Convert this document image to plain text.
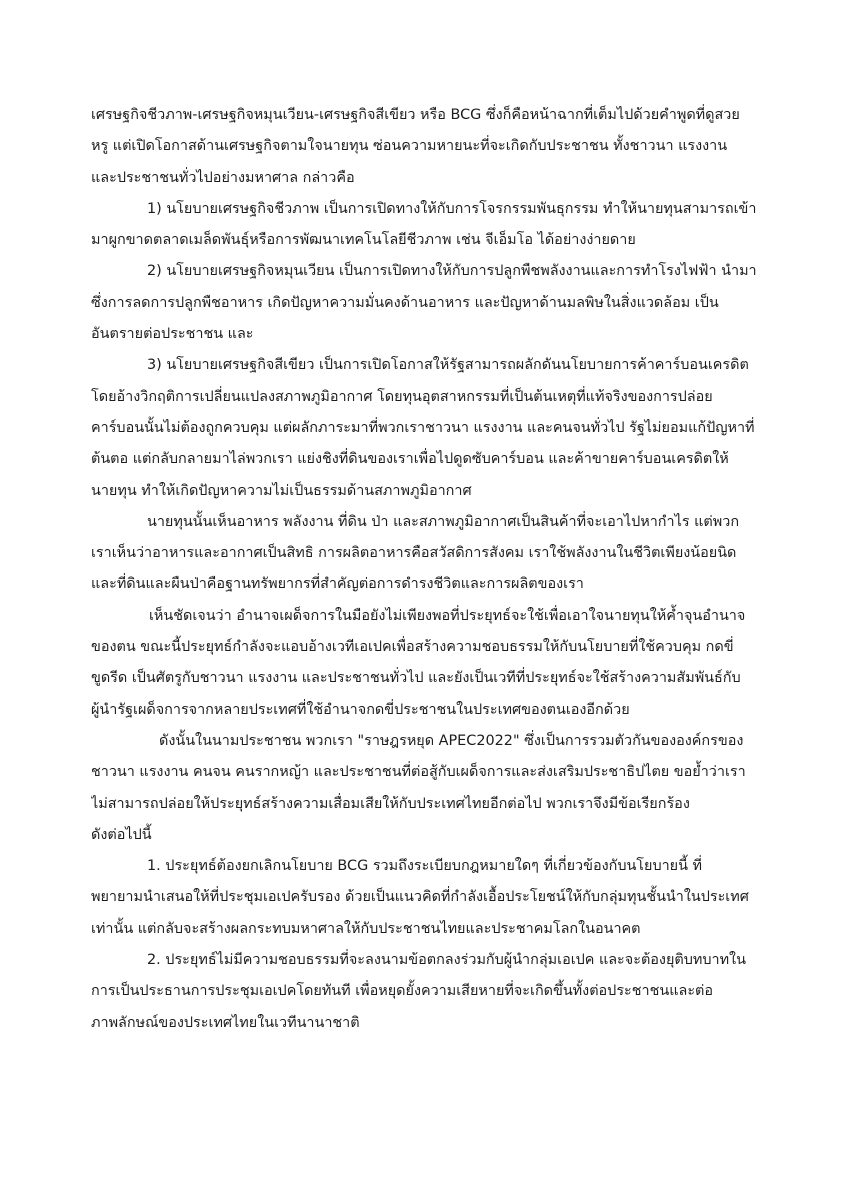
เศรษฐกิจชีวภาพ-เศรษฐกิจหมุนเวียน-เศรษฐกิจสีเขียว หรือ BCG ซึ่งก็คือหน้าฉากที่เต็มไปด้วยคำพูดที่ดูสวย
หรู แต่เปิดโอกาสด้านเศรษฐกิจตามใจนายทุน ซ่อนความหายนะที่จะเกิดกับประชาชน ทั้งชาวนา แรงงาน
และประชาชนทั่วไปอย่างมหาศาล กล่าวคือ
1) นโยบายเศรษฐกิจชีวภาพ เป็นการเปิดทางให้กับการโจรกรรมพันธุกรรม ทำให้นายทุนสามารถเข้า
มาผูกขาดตลาดเมล็ดพันธุ์หรือการพัฒนาเทคโนโลยีชีวภาพ เช่น จีเอ็มโอ ได้อย่างง่ายดาย
2) นโยบายเศรษฐกิจหมุนเวียน เป็นการเปิดทางให้กับการปลูกพืชพลังงานและการทำโรงไฟฟ้า นำมา
ซึ่งการลดการปลูกพืชอาหาร เกิดปัญหาความมั่นคงด้านอาหาร และปัญหาด้านมลพิษในสิ่งแวดล้อม เป็น
อันตรายต่อประชาชน และ
3) นโยบายเศรษฐกิจสีเขียว เป็นการเปิดโอกาสให้รัฐสามารถผลักดันนโยบายการค้าคาร์บอนเครดิต
โดยอ้างวิกฤติการเปลี่ยนแปลงสภาพภูมิอากาศ โดยทุนอุตสาหกรรมที่เป็นต้นเหตุที่แท้จริงของการปล่อย
คาร์บอนนั้นไม่ต้องถูกควบคุม แต่ผลักภาระมาที่พวกเราชาวนา แรงงาน และคนจนทั่วไป รัฐไม่ยอมแก้ปัญหาที่
ต้นตอ แต่กลับกลายมาไล่พวกเรา แย่งชิงที่ดินของเราเพื่อไปดูดซับคาร์บอน และค้าขายคาร์บอนเครดิตให้
นายทุน ทำให้เกิดปัญหาความไม่เป็นธรรมด้านสภาพภูมิอากาศ
นายทุนนั้นเห็นอาหาร พลังงาน ที่ดิน ป่า และสภาพภูมิอากาศเป็นสินค้าที่จะเอาไปหากำไร แต่พวก
เราเห็นว่าอาหารและอากาศเป็นสิทธิ การผลิตอาหารคือสวัสดิการสังคม เราใช้พลังงานในชีวิตเพียงน้อยนิด
และที่ดินและผืนป่าคือฐานทรัพยากรที่สำคัญต่อการดำรงชีวิตและการผลิตของเรา
เห็นชัดเจนว่า อำนาจเผด็จการในมือยังไม่เพียงพอที่ประยุทธ์จะใช้เพื่อเอาใจนายทุนให้ค้ำจุนอำนาจ
ของตน ขณะนี้ประยุทธ์กำลังจะแอบอ้างเวทีเอเปคเพื่อสร้างความชอบธรรมให้กับนโยบายที่ใช้ควบคุม กดขี่
ขูดรีด เป็นศัตรูกับชาวนา แรงงาน และประชาชนทั่วไป และยังเป็นเวทีที่ประยุทธ์จะใช้สร้างความสัมพันธ์กับ
ผู้นำรัฐเผด็จการจากหลายประเทศที่ใช้อำนาจกดขี่ประชาชนในประเทศของตนเองอีกด้วย
ดังนั้นในนามประชาชน พวกเรา "ราษฎรหยุด APEC2022" ซึ่งเป็นการรวมตัวกันขององค์กรของ
ชาวนา แรงงาน คนจน คนรากหญ้า และประชาชนที่ต่อสู้กับเผด็จการและส่งเสริมประชาธิปไตย ขอย้ำว่าเรา
ไม่สามารถปล่อยให้ประยุทธ์สร้างความเสื่อมเสียให้กับประเทศไทยอีกต่อไป พวกเราจึงมีข้อเรียกร้อง
ดังต่อไปนี้
1. ประยุทธ์ต้องยกเลิกนโยบาย BCG รวมถึงระเบียบกฎหมายใดๆ ที่เกี่ยวข้องกับนโยบายนี้ ที่
พยายามนำเสนอให้ที่ประชุมเอเปครับรอง ด้วยเป็นแนวคิดที่กำลังเอื้อประโยชน์ให้กับกลุ่มทุนชั้นนำในประเทศ
เท่านั้น แต่กลับจะสร้างผลกระทบมหาศาลให้กับประชาชนไทยและประชาคมโลกในอนาคต
2. ประยุทธ์ไม่มีความชอบธรรมที่จะลงนามข้อตกลงร่วมกับผู้นำกลุ่มเอเปค และจะต้องยุติบทบาทใน
การเป็นประธานการประชุมเอเปคโดยทันที เพื่อหยุดยั้งความเสียหายที่จะเกิดขึ้นทั้งต่อประชาชนและต่อ
ภาพลักษณ์ของประเทศไทยในเวทีนานาชาติ
